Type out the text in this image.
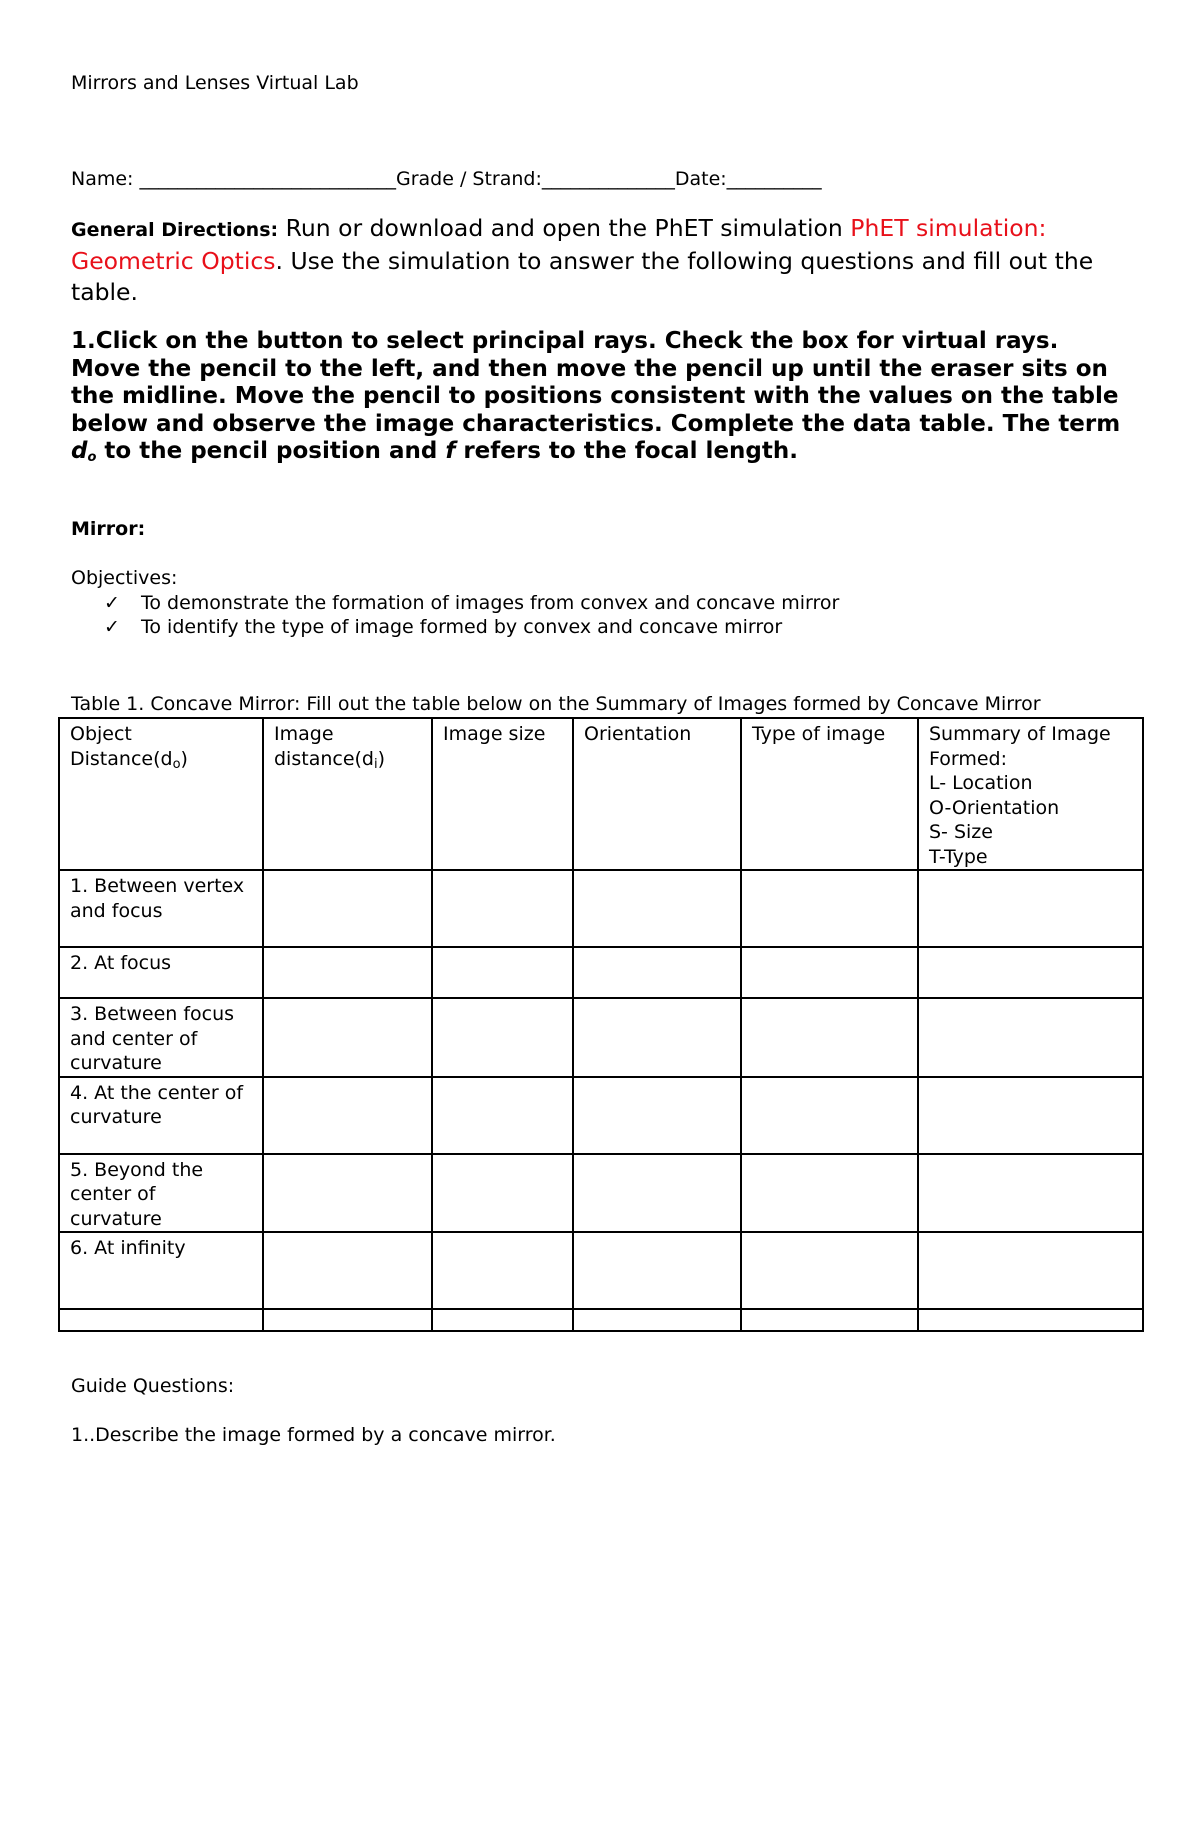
Mirrors and Lenses Virtual Lab
Name: ___________________________Grade / Strand:______________Date:__________
General Directions: Run or download and open the PhET simulation PhET simulation: Geometric Optics. Use the simulation to answer the following questions and fill out the table.
1.Click on the button to select principal rays. Check the box for virtual rays. Move the pencil to the left, and then move the pencil up until the eraser sits on the midline. Move the pencil to positions consistent with the values on the table below and observe the image characteristics. Complete the data table. The term $d_o$ to the pencil position and f refers to the focal length.
Mirror:
Objectives:
✓ To demonstrate the formation of images from convex and concave mirror
✓ To identify the type of image formed by convex and concave mirror
Table 1. Concave Mirror: Fill out the table below on the Summary of Images formed by Concave Mirror
Object $Distance(d_o)$	Image $distance(d_i)$	Image size	Orientation	Type of image	Summary of Image Formed:
L- Location
O-Orientation
S- Size
T-Type

1. Between vertex and focus					
2. At focus					
3. Between focus and center of curvature					
4. At the center of curvature					
5. Beyond the center of curvature					
6. At infinity					

Guide Questions:
1..Describe the image formed by a concave mirror.
